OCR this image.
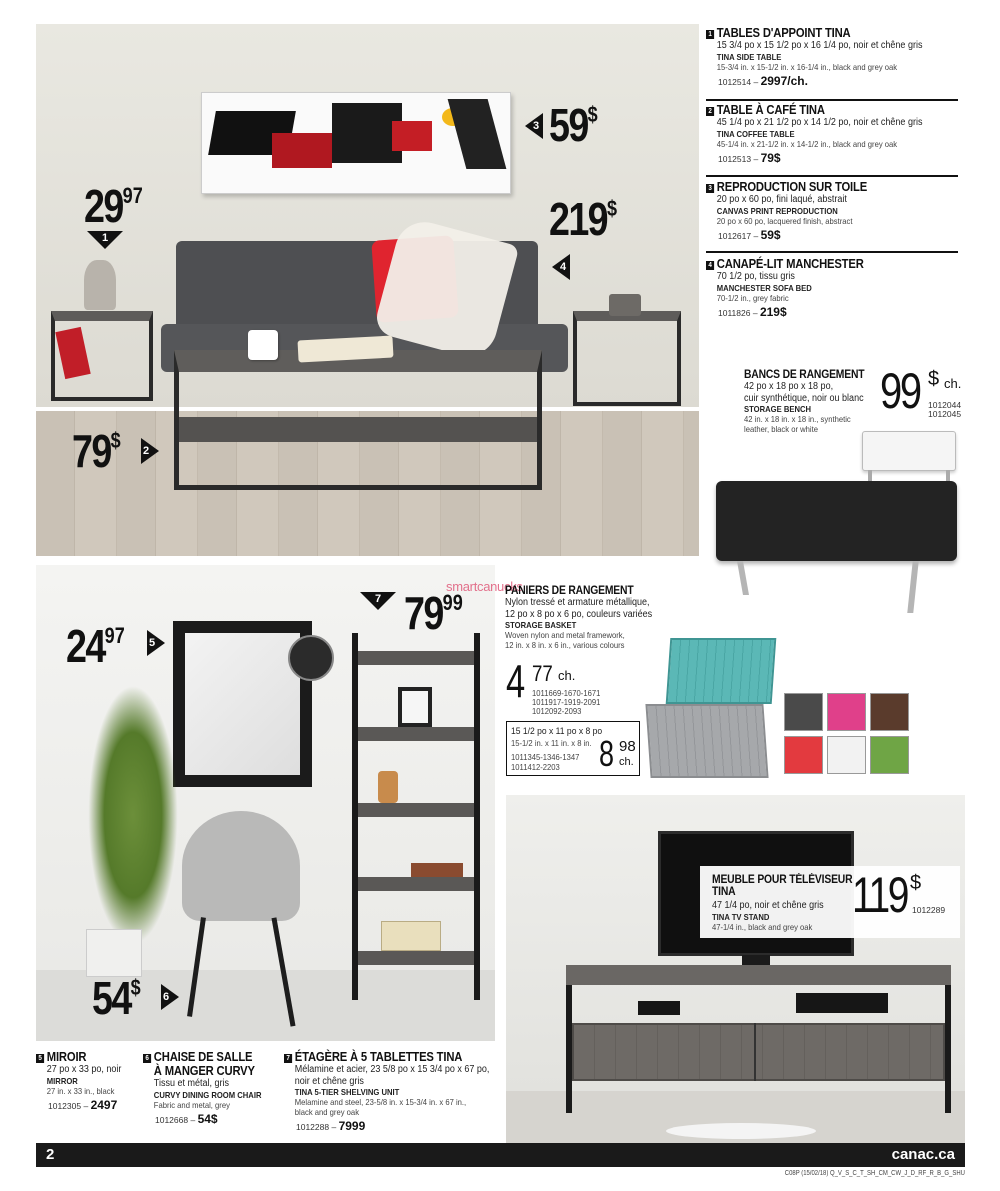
$29^{97}$
1
79$ 2
3 59$
219$
4
1 TABLES D'APPOINT TINA
15 3/4 po x 15 1/2 po x 16 1/4 po, noir et chêne gris
TINA SIDE TABLE
15-3/4 in. x 15-1/2 in. x 16-1/4 in., black and grey oak
1012514 – 2997/ch.
2 TABLE À CAFÉ TINA
45 1/4 po x 21 1/2 po x 14 1/2 po, noir et chêne gris
TINA COFFEE TABLE
45-1/4 in. x 21-1/2 in. x 14-1/2 in., black and grey oak
1012513 – 79$
3 REPRODUCTION SUR TOILE
20 po x 60 po, fini laqué, abstrait
CANVAS PRINT REPRODUCTION
20 po x 60 po, lacquered finish, abstract
1012617 – 59$
4 CANAPÉ-LIT MANCHESTER
70 1/2 po, tissu gris
MANCHESTER SOFA BED
70-1/2 in., grey fabric
1011826 – 219$
BANCS DE RANGEMENT
42 po x 18 po x 18 po,
cuir synthétique, noir ou blanc
STORAGE BENCH
42 in. x 18 in. x 18 in., synthetic
leather, black or white
99 $ ch.
1012044
1012045
smartcanucks
$24^{97}$ 5
54$ 6
7 $79^{99}$	PANIERS DE RANGEMENT
Nylon tressé et armature métallique,
12 po x 8 po x 6 po, couleurs variées
STORAGE BASKET
Woven nylon and metal framework,
12 in. x 8 in. x 6 in., various colours
4 77 ch.
1011669-1670-1671
1011917-1919-2091
1012092-2093
15 1/2 po x 11 po x 8 po
15-1/2 in. x 11 in. x 8 in.
1011345-1346-1347
1011412-2203 8 98
ch.
MEUBLE POUR TÉLÉVISEUR
TINA
47 1/4 po, noir et chêne gris
TINA TV STAND
47-1/4 in., black and grey oak
119 $
1012289
5 MIROIR
27 po x 33 po, noir
MIRROR
27 in. x 33 in., black
1012305 – 2497
6 CHAISE DE SALLE
À MANGER CURVY
Tissu et métal, gris
CURVY DINING ROOM CHAIR
Fabric and metal, grey
1012668 – 54$
7 ÉTAGÈRE À 5 TABLETTES TINA
Mélamine et acier, 23 5/8 po x 15 3/4 po x 67 po,
noir et chêne gris
TINA 5-TIER SHELVING UNIT
Melamine and steel, 23-5/8 in. x 15-3/4 in. x 67 in.,
black and grey oak
1012288 – 7999
2	canac.ca
C08P (15/02/18) Q_V_S_C_T_SH_CM_CW_J_D_RF_R_B_G_SHU
